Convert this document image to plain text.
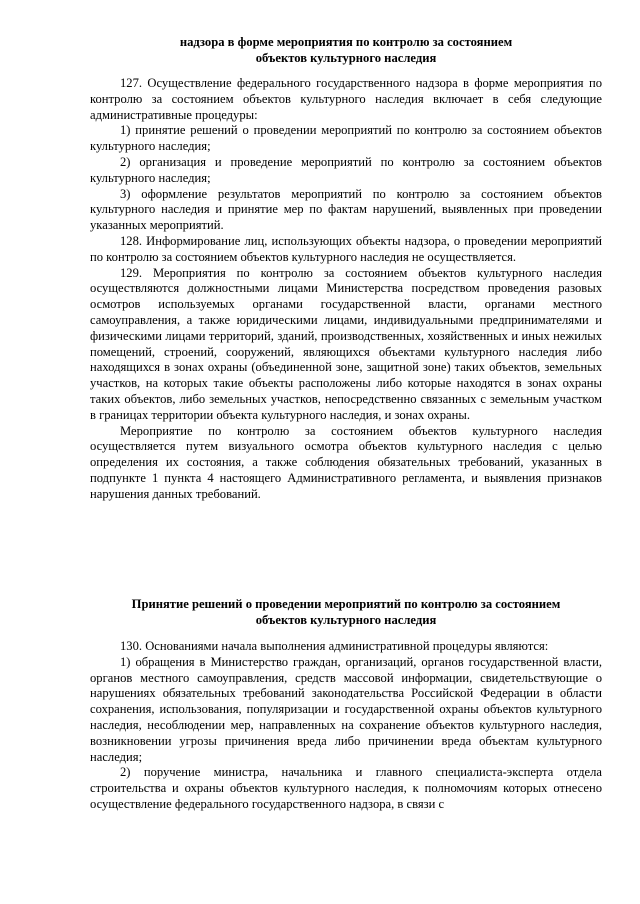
надзора в форме мероприятия по контролю за состоянием
объектов культурного наследия

127. Осуществление федерального государственного надзора в форме мероприятия по контролю за состоянием объектов культурного наследия включает в себя следующие административные процедуры:

1) принятие решений о проведении мероприятий по контролю за состоянием объектов культурного наследия;

2) организация и проведение мероприятий по контролю за состоянием объектов культурного наследия;

3) оформление результатов мероприятий по контролю за состоянием объектов культурного наследия и принятие мер по фактам нарушений, выявленных при проведении указанных мероприятий.

128. Информирование лиц, использующих объекты надзора, о проведении мероприятий по контролю за состоянием объектов культурного наследия не осуществляется.

129. Мероприятия по контролю за состоянием объектов культурного наследия осуществляются должностными лицами Министерства посредством проведения разовых осмотров используемых органами государственной власти, органами местного самоуправления, а также юридическими лицами, индивидуальными предпринимателями и физическими лицами территорий, зданий, производственных, хозяйственных и иных нежилых помещений, строений, сооружений, являющихся объектами культурного наследия либо находящихся в зонах охраны (объединенной зоне, защитной зоне) таких объектов, земельных участков, на которых такие объекты расположены либо которые находятся в зонах охраны таких объектов, либо земельных участков, непосредственно связанных с земельным участком в границах территории объекта культурного наследия, и зонах охраны.

Мероприятие по контролю за состоянием объектов культурного наследия осуществляется путем визуального осмотра объектов культурного наследия с целью определения их состояния, а также соблюдения обязательных требований, указанных в подпункте 1 пункта 4 настоящего Административного регламента, и выявления признаков нарушения данных требований.

Принятие решений о проведении мероприятий по контролю за состоянием
объектов культурного наследия

130. Основаниями начала выполнения административной процедуры являются:

1) обращения в Министерство граждан, организаций, органов государственной власти, органов местного самоуправления, средств массовой информации, свидетельствующие о нарушениях обязательных требований законодательства Российской Федерации в области сохранения, использования, популяризации и государственной охраны объектов культурного наследия, несоблюдении мер, направленных на сохранение объектов культурного наследия, возникновении угрозы причинения вреда либо причинении вреда объектам культурного наследия;

2) поручение министра, начальника и главного специалиста-эксперта отдела строительства и охраны объектов культурного наследия, к полномочиям которых отнесено осуществление федерального государственного надзора, в связи с
